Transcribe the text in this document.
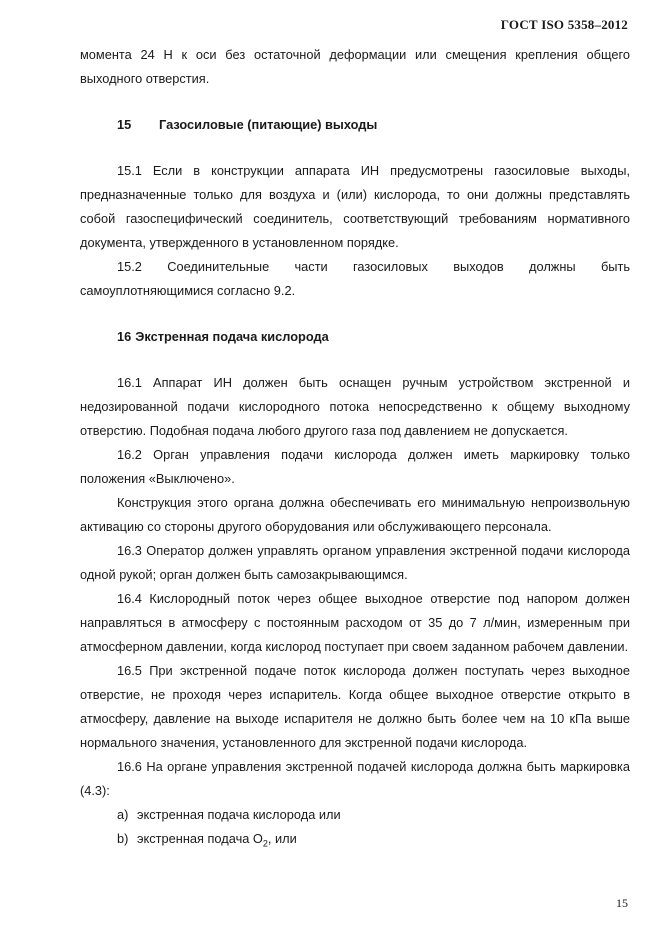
ГОСТ ISO 5358–2012

момента 24 Н к оси без остаточной деформации или смещения крепления общего выходного отверстия.

15 Газосиловые (питающие) выходы

15.1 Если в конструкции аппарата ИН предусмотрены газосиловые выходы, предназначенные только для воздуха и (или) кислорода, то они должны представлять собой газоспецифический соединитель, соответствующий требованиям нормативного документа, утвержденного в установленном порядке.

15.2 Соединительные части газосиловых выходов должны быть самоуплотняющимися согласно 9.2.

16 Экстренная подача кислорода

16.1 Аппарат ИН должен быть оснащен ручным устройством экстренной и недозированной подачи кислородного потока непосредственно к общему выходному отверстию. Подобная подача любого другого газа под давлением не допускается.

16.2 Орган управления подачи кислорода должен иметь маркировку только положения «Выключено».

Конструкция этого органа должна обеспечивать его минимальную непроизвольную активацию со стороны другого оборудования или обслуживающего персонала.

16.3 Оператор должен управлять органом управления экстренной подачи кислорода одной рукой; орган должен быть самозакрывающимся.

16.4 Кислородный поток через общее выходное отверстие под напором должен направляться в атмосферу с постоянным расходом от 35 до 7 л/мин, измеренным при атмосферном давлении, когда кислород поступает при своем заданном рабочем давлении.

16.5 При экстренной подаче поток кислорода должен поступать через выходное отверстие, не проходя через испаритель. Когда общее выходное отверстие открыто в атмосферу, давление на выходе испарителя не должно быть более чем на 10 кПа выше нормального значения, установленного для экстренной подачи кислорода.

16.6 На органе управления экстренной подачей кислорода должна быть маркировка (4.3):

а) экстренная подача кислорода или

b) экстренная подача $О_2$, или

15
